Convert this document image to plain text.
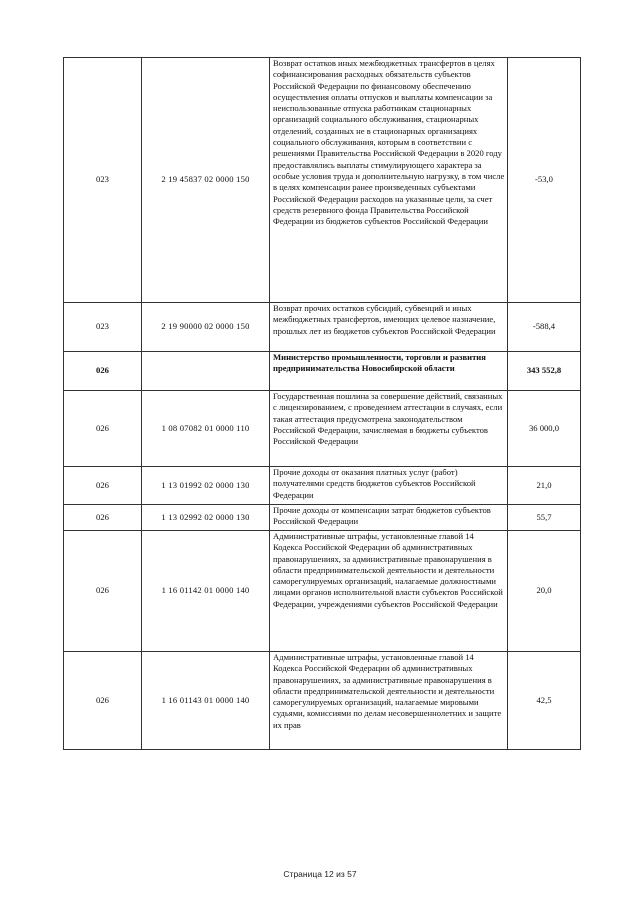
023	2 19 45837 02 0000 150	Возврат остатков иных межбюджетных трансфертов в целях софинансирования расходных обязательств субъектов Российской Федерации по финансовому обеспечению осуществления оплаты отпусков и выплаты компенсации за неиспользованные отпуска работникам стационарных организаций социального обслуживания, стационарных отделений, созданных не в стационарных организациях социального обслуживания, которым в соответствии с решениями Правительства Российской Федерации в 2020 году предоставлялись выплаты стимулирующего характера за особые условия труда и дополнительную нагрузку, в том числе в целях компенсации ранее произведенных субъектами Российской Федерации расходов на указанные цели, за счет средств резервного фонда Правительства Российской Федерации из бюджетов субъектов Российской Федерации	-53,0
023	2 19 90000 02 0000 150	Возврат прочих остатков субсидий, субвенций и иных межбюджетных трансфертов, имеющих целевое назначение, прошлых лет из бюджетов субъектов Российской Федерации	-588,4
026		Министерство промышленности, торговли и развития предпринимательства Новосибирской области	343 552,8
026	1 08 07082 01 0000 110	Государственная пошлина за совершение действий, связанных с лицензированием, с проведением аттестации в случаях, если такая аттестация предусмотрена законодательством Российской Федерации, зачисляемая в бюджеты субъектов Российской Федерации	36 000,0
026	1 13 01992 02 0000 130	Прочие доходы от оказания платных услуг (работ) получателями средств бюджетов субъектов Российской Федерации	21,0
026	1 13 02992 02 0000 130	Прочие доходы от компенсации затрат бюджетов субъектов Российской Федерации	55,7
026	1 16 01142 01 0000 140	Административные штрафы, установленные главой 14 Кодекса Российской Федерации об административных правонарушениях, за административные правонарушения в области предпринимательской деятельности и деятельности саморегулируемых организаций, налагаемые должностными лицами органов исполнительной власти субъектов Российской Федерации, учреждениями субъектов Российской Федерации	20,0
026	1 16 01143 01 0000 140	Административные штрафы, установленные главой 14 Кодекса Российской Федерации об административных правонарушениях, за административные правонарушения в области предпринимательской деятельности и деятельности саморегулируемых организаций, налагаемые мировыми судьями, комиссиями по делам несовершеннолетних и защите их прав	42,5
Страница 12 из 57
